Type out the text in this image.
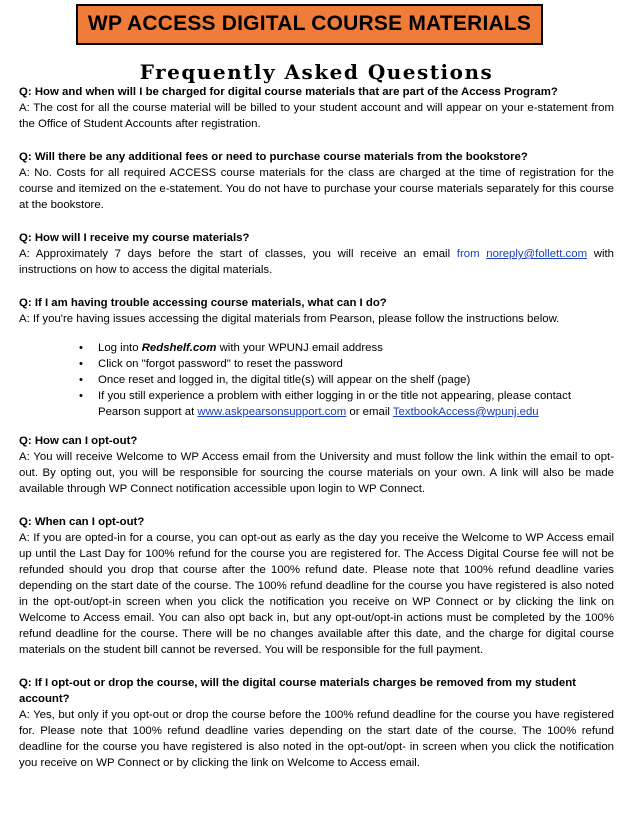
WP ACCESS DIGITAL COURSE MATERIALS
Frequently Asked Questions

Q: How and when will I be charged for digital course materials that are part of the Access Program?

A: The cost for all the course material will be billed to your student account and will appear on your e-statement from the Office of Student Accounts after registration.

Q: Will there be any additional fees or need to purchase course materials from the bookstore?

A: No. Costs for all required ACCESS course materials for the class are charged at the time of registration for the course and itemized on the e-statement. You do not have to purchase your course materials separately for this course at the bookstore.

Q: How will I receive my course materials?

A: Approximately 7 days before the start of classes, you will receive an email from noreply@follett.com with instructions on how to access the digital materials.

Q: If I am having trouble accessing course materials, what can I do?

A: If you're having issues accessing the digital materials from Pearson, please follow the instructions below.

• Log into Redshelf.com with your WPUNJ email address
• Click on "forgot password" to reset the password
• Once reset and logged in, the digital title(s) will appear on the shelf (page)
• If you still experience a problem with either logging in or the title not appearing, please contact Pearson support at www.askpearsonsupport.com or email TextbookAccess@wpunj.edu

Q: How can I opt-out?

A: You will receive Welcome to WP Access email from the University and must follow the link within the email to opt-out. By opting out, you will be responsible for sourcing the course materials on your own. A link will also be made available through WP Connect notification accessible upon login to WP Connect.

Q: When can I opt-out?

A: If you are opted-in for a course, you can opt-out as early as the day you receive the Welcome to WP Access email up until the Last Day for 100% refund for the course you are registered for. The Access Digital Course fee will not be refunded should you drop that course after the 100% refund date. Please note that 100% refund deadline varies depending on the start date of the course. The 100% refund deadline for the course you have registered is also noted in the opt-out/opt-in screen when you click the notification you receive on WP Connect or by clicking the link on Welcome to Access email. You can also opt back in, but any opt-out/opt-in actions must be completed by the 100% refund deadline for the course. There will be no changes available after this date, and the charge for digital course materials on the student bill cannot be reversed. You will be responsible for the full payment.

Q: If I opt-out or drop the course, will the digital course materials charges be removed from my student account?

A: Yes, but only if you opt-out or drop the course before the 100% refund deadline for the course you have registered for. Please note that 100% refund deadline varies depending on the start date of the course. The 100% refund deadline for the course you have registered is also noted in the opt-out/opt- in screen when you click the notification you receive on WP Connect or by clicking the link on Welcome to Access email.
